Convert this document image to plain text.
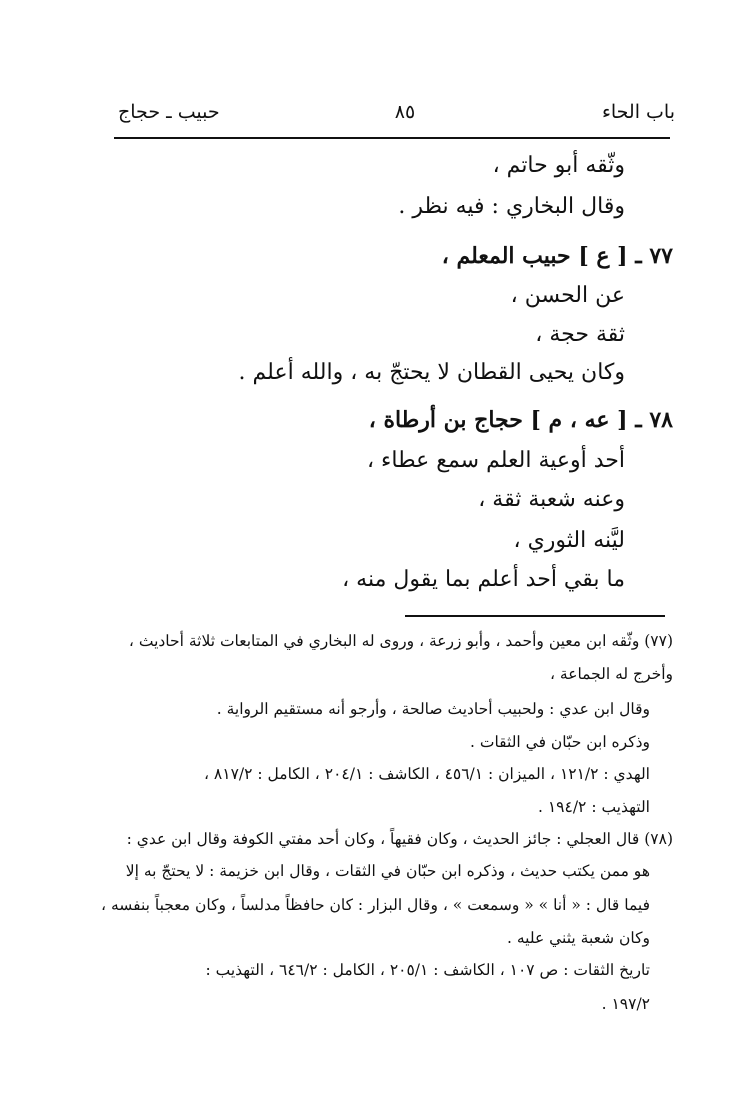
باب الحاء
٨٥
حبيب ـ حجاج
وثّقه أبو حاتم ،
وقال البخاري : فيه نظر .
٧٧ ـ [ ع ] حبيب المعلم ،
عن الحسن ،
ثقة حجة ،
وكان يحيى القطان لا يحتجّ به ، والله أعلم .
٧٨ ـ [ عه ، م ] حجاج بن أرطاة ،
أحد أوعية العلم سمع عطاء ،
وعنه شعبة ثقة ،
ليَّنه الثوري ،
ما بقي أحد أعلم بما يقول منه ،
(٧٧) وثّقه ابن معين وأحمد ، وأبو زرعة ، وروى له البخاري في المتابعات ثلاثة أحاديث ،
وأخرج له الجماعة ،
وقال ابن عدي : ولحبيب أحاديث صالحة ، وأرجو أنه مستقيم الرواية .
وذكره ابن حبّان في الثقات .
الهدي : ١٢١/٢ ، الميزان : ٤٥٦/١ ، الكاشف : ٢٠٤/١ ، الكامل : ٨١٧/٢ ،
التهذيب : ١٩٤/٢ .
(٧٨) قال العجلي : جائز الحديث ، وكان فقيهاً ، وكان أحد مفتي الكوفة وقال ابن عدي :
هو ممن يكتب حديث ، وذكره ابن حبّان في الثقات ، وقال ابن خزيمة : لا يحتجّ به إلا
فيما قال : « أنا » « وسمعت » ، وقال البزار : كان حافظاً مدلساً ، وكان معجباً بنفسه ،
وكان شعبة يثني عليه .
تاريخ الثقات : ص ١٠٧ ، الكاشف : ٢٠٥/١ ، الكامل : ٦٤٦/٢ ، التهذيب :
١٩٧/٢ .
